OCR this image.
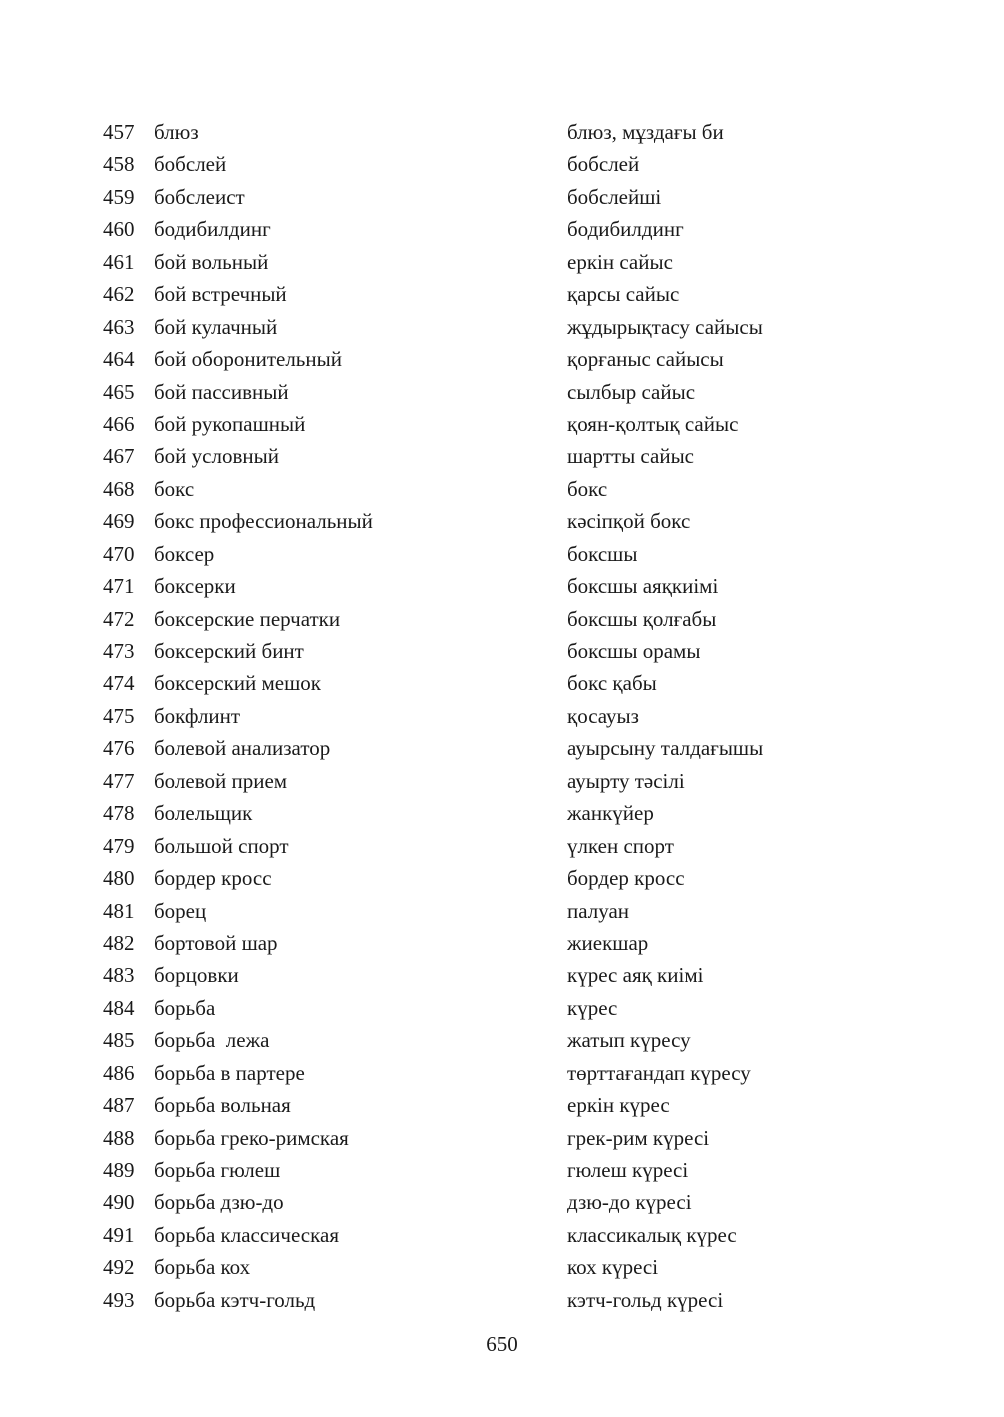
457 блюз	блюз, мұздағы би
458 бобслей	бобслей
459 бобслеист	бобслейші
460 бодибилдинг	бодибилдинг
461 бой вольный	еркін сайыс
462 бой встречный	қарсы сайыс
463 бой кулачный	жұдырықтасу сайысы
464 бой оборонительный	қорғаныс сайысы
465 бой пассивный	сылбыр сайыс
466 бой рукопашный	қоян-қолтық сайыс
467 бой условный	шартты сайыс
468 бокс	бокс
469 бокс профессиональный	кәсіпқой бокс
470 боксер	боксшы
471 боксерки	боксшы аяқкиімі
472 боксерские перчатки	боксшы қолғабы
473 боксерский бинт	боксшы орамы
474 боксерский мешок	бокс қабы
475 бокфлинт	қосауыз
476 болевой анализатор	ауырсыну талдағышы
477 болевой прием	ауырту тәсілі
478 болельщик	жанкүйер
479 большой спорт	үлкен спорт
480 бордер кросс	бордер кросс
481 борец	палуан
482 бортовой шар	жиекшар
483 борцовки	күрес аяқ киімі
484 борьба	күрес
485 борьба  лежа	жатып күресу
486 борьба в партере	төрттағандап күресу
487 борьба вольная	еркін күрес
488 борьба греко-римская	грек-рим күресі
489 борьба гюлеш	гюлеш күресі
490 борьба дзю-до	дзю-до күресі
491 борьба классическая	классикалық күрес
492 борьба кох	кох күресі
493 борьба кэтч-гольд	кэтч-гольд күресі
650
